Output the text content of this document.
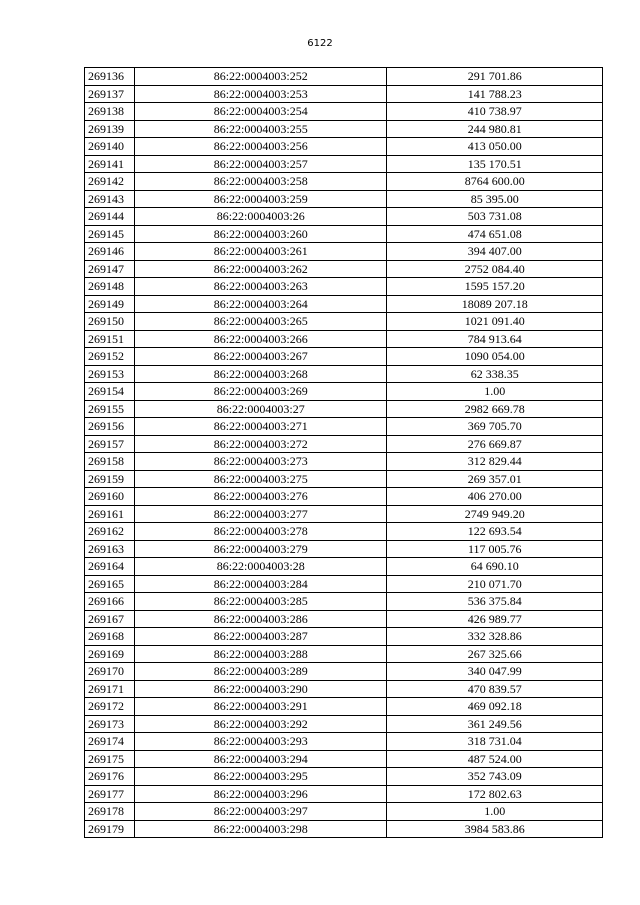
6122
269136	86:22:0004003:252	291 701.86
269137	86:22:0004003:253	141 788.23
269138	86:22:0004003:254	410 738.97
269139	86:22:0004003:255	244 980.81
269140	86:22:0004003:256	413 050.00
269141	86:22:0004003:257	135 170.51
269142	86:22:0004003:258	8764 600.00
269143	86:22:0004003:259	85 395.00
269144	86:22:0004003:26	503 731.08
269145	86:22:0004003:260	474 651.08
269146	86:22:0004003:261	394 407.00
269147	86:22:0004003:262	2752 084.40
269148	86:22:0004003:263	1595 157.20
269149	86:22:0004003:264	18089 207.18
269150	86:22:0004003:265	1021 091.40
269151	86:22:0004003:266	784 913.64
269152	86:22:0004003:267	1090 054.00
269153	86:22:0004003:268	62 338.35
269154	86:22:0004003:269	1.00
269155	86:22:0004003:27	2982 669.78
269156	86:22:0004003:271	369 705.70
269157	86:22:0004003:272	276 669.87
269158	86:22:0004003:273	312 829.44
269159	86:22:0004003:275	269 357.01
269160	86:22:0004003:276	406 270.00
269161	86:22:0004003:277	2749 949.20
269162	86:22:0004003:278	122 693.54
269163	86:22:0004003:279	117 005.76
269164	86:22:0004003:28	64 690.10
269165	86:22:0004003:284	210 071.70
269166	86:22:0004003:285	536 375.84
269167	86:22:0004003:286	426 989.77
269168	86:22:0004003:287	332 328.86
269169	86:22:0004003:288	267 325.66
269170	86:22:0004003:289	340 047.99
269171	86:22:0004003:290	470 839.57
269172	86:22:0004003:291	469 092.18
269173	86:22:0004003:292	361 249.56
269174	86:22:0004003:293	318 731.04
269175	86:22:0004003:294	487 524.00
269176	86:22:0004003:295	352 743.09
269177	86:22:0004003:296	172 802.63
269178	86:22:0004003:297	1.00
269179	86:22:0004003:298	3984 583.86
